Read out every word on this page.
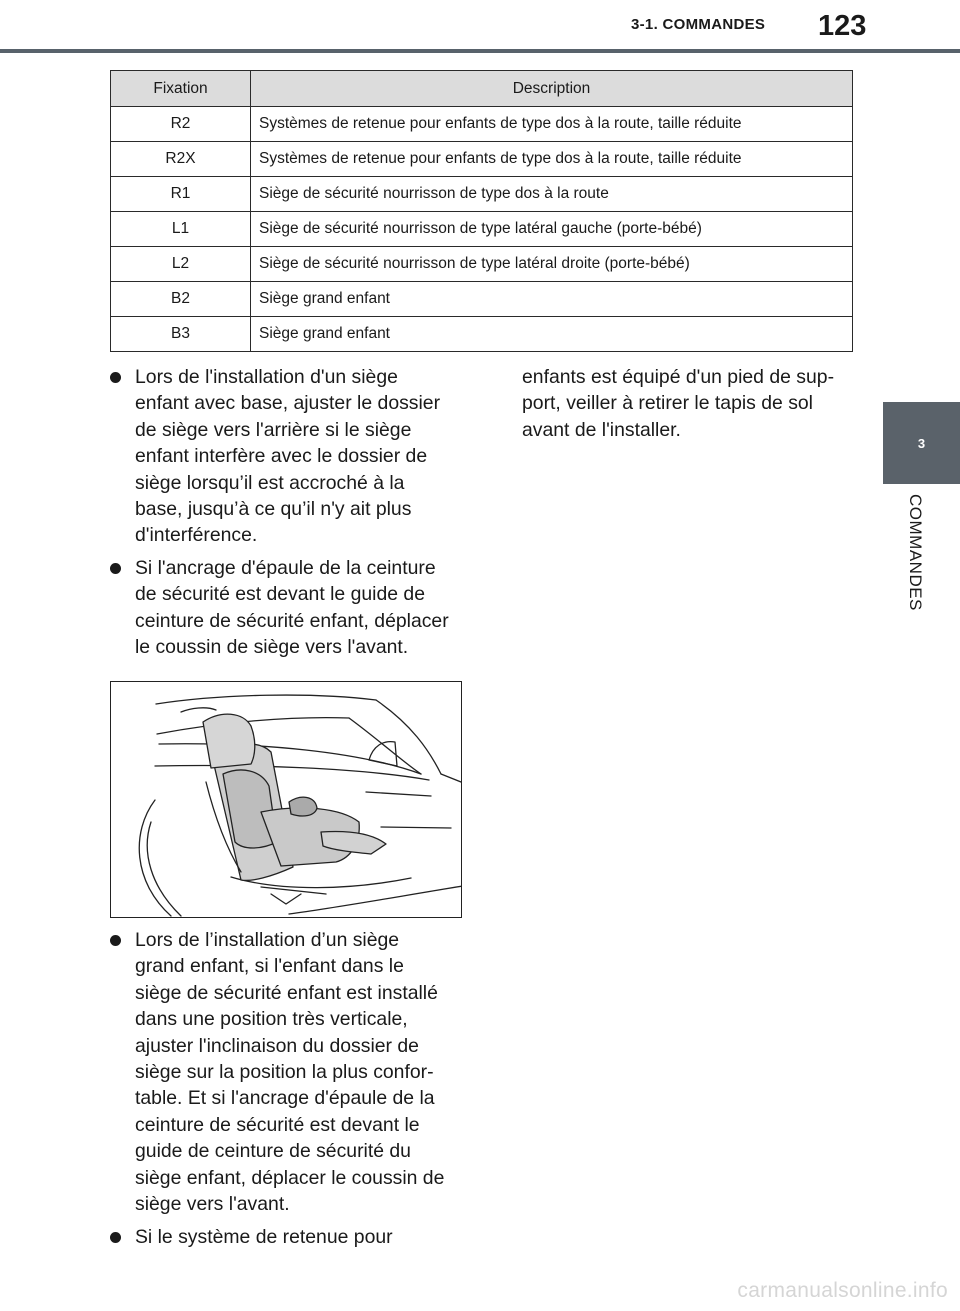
3-1. COMMANDES 123
3
COMMANDES
Fixation	Description
R2	Systèmes de retenue pour enfants de type dos à la route, taille réduite
R2X	Systèmes de retenue pour enfants de type dos à la route, taille réduite
R1	Siège de sécurité nourrisson de type dos à la route
L1	Siège de sécurité nourrisson de type latéral gauche (porte-bébé)
L2	Siège de sécurité nourrisson de type latéral droite (porte-bébé)
B2	Siège grand enfant
B3	Siège grand enfant

Lors de l'installation d'un siège

enfant avec base, ajuster le dossier

de siège vers l'arrière si le siège

enfant interfère avec le dossier de

siège lorsqu’il est accroché à la

base, jusqu’à ce qu’il n'y ait plus

d'interférence.

Si l'ancrage d'épaule de la ceinture

de sécurité est devant le guide de

ceinture de sécurité enfant, déplacer

le coussin de siège vers l'avant.

Lors de l’installation d’un siège

grand enfant, si l'enfant dans le

siège de sécurité enfant est installé

dans une position très verticale,

ajuster l'inclinaison du dossier de

siège sur la position la plus confor-

table. Et si l'ancrage d'épaule de la

ceinture de sécurité est devant le

guide de ceinture de sécurité du

siège enfant, déplacer le coussin de

siège vers l'avant.

Si le système de retenue pour

enfants est équipé d'un pied de sup-

port, veiller à retirer le tapis de sol

avant de l'installer.

carmanualsonline.info
